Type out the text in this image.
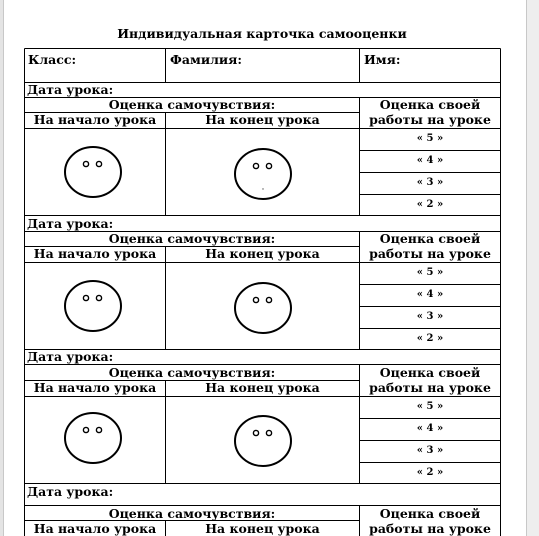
Индивидуальная карточка самооценки
Класс:	Фамилия:	Имя:
Дата урока:
Оценка самочувствия:
На начало урока	На конец урока
Оценка своей
работы на уроке
« 5 »
« 4 »
« 3 »
« 2 »
Дата урока:
Оценка самочувствия:
На начало урока	На конец урока
Оценка своей
работы на уроке
« 5 »
« 4 »
« 3 »
« 2 »
Дата урока:
Оценка самочувствия:
На начало урока	На конец урока
Оценка своей
работы на уроке
« 5 »
« 4 »
« 3 »
« 2 »
Дата урока:
Оценка самочувствия:
На начало урока	На конец урока
Оценка своей
работы на уроке
